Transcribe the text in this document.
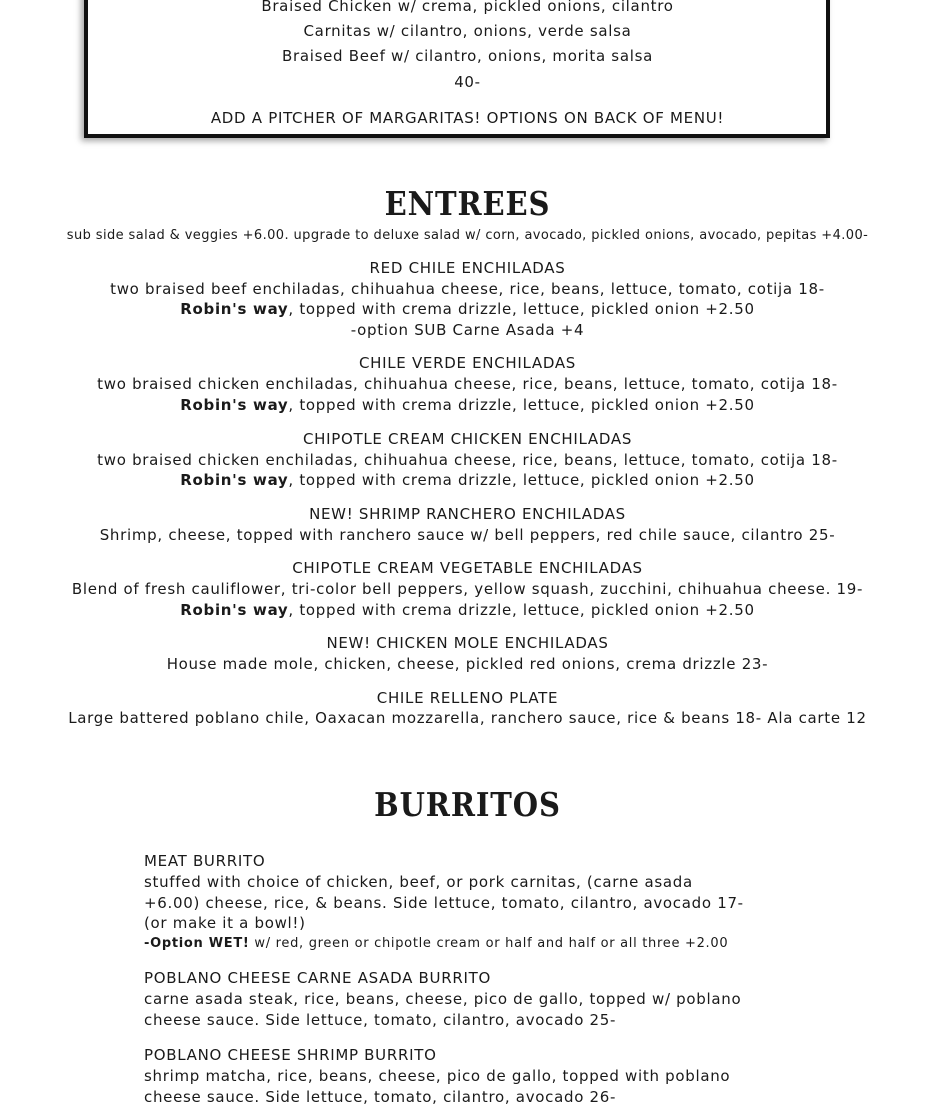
Braised Chicken w/ crema, pickled onions, cilantro
Carnitas w/ cilantro, onions, verde salsa
Braised Beef w/ cilantro, onions, morita salsa
40-
ADD A PITCHER OF MARGARITAS! OPTIONS ON BACK OF MENU!
ENTREES
sub side salad & veggies +6.00. upgrade to deluxe salad w/ corn, avocado, pickled onions, avocado, pepitas +4.00-
RED CHILE ENCHILADAS
two braised beef enchiladas, chihuahua cheese, rice, beans, lettuce, tomato, cotija 18-
Robin's way, topped with crema drizzle, lettuce, pickled onion +2.50
-option SUB Carne Asada +4
CHILE VERDE ENCHILADAS
two braised chicken enchiladas, chihuahua cheese, rice, beans, lettuce, tomato, cotija 18-
Robin's way, topped with crema drizzle, lettuce, pickled onion +2.50
CHIPOTLE CREAM CHICKEN ENCHILADAS
two braised chicken enchiladas, chihuahua cheese, rice, beans, lettuce, tomato, cotija 18-
Robin's way, topped with crema drizzle, lettuce, pickled onion +2.50
NEW! SHRIMP RANCHERO ENCHILADAS
Shrimp, cheese, topped with ranchero sauce w/ bell peppers, red chile sauce, cilantro 25-
CHIPOTLE CREAM VEGETABLE ENCHILADAS
Blend of fresh cauliflower, tri-color bell peppers, yellow squash, zucchini, chihuahua cheese. 19-
Robin's way, topped with crema drizzle, lettuce, pickled onion +2.50
NEW! CHICKEN MOLE ENCHILADAS
House made mole, chicken, cheese, pickled red onions, crema drizzle 23-
CHILE RELLENO PLATE
Large battered poblano chile, Oaxacan mozzarella, ranchero sauce, rice & beans 18- Ala carte 12
BURRITOS
MEAT BURRITO
stuffed with choice of chicken, beef, or pork carnitas, (carne asada
+6.00) cheese, rice, & beans. Side lettuce, tomato, cilantro, avocado 17-
(or make it a bowl!)
-Option WET! w/ red, green or chipotle cream or half and half or all three +2.00
POBLANO CHEESE CARNE ASADA BURRITO
carne asada steak, rice, beans, cheese, pico de gallo, topped w/ poblano
cheese sauce. Side lettuce, tomato, cilantro, avocado 25-
POBLANO CHEESE SHRIMP BURRITO
shrimp matcha, rice, beans, cheese, pico de gallo, topped with poblano
cheese sauce. Side lettuce, tomato, cilantro, avocado 26-
